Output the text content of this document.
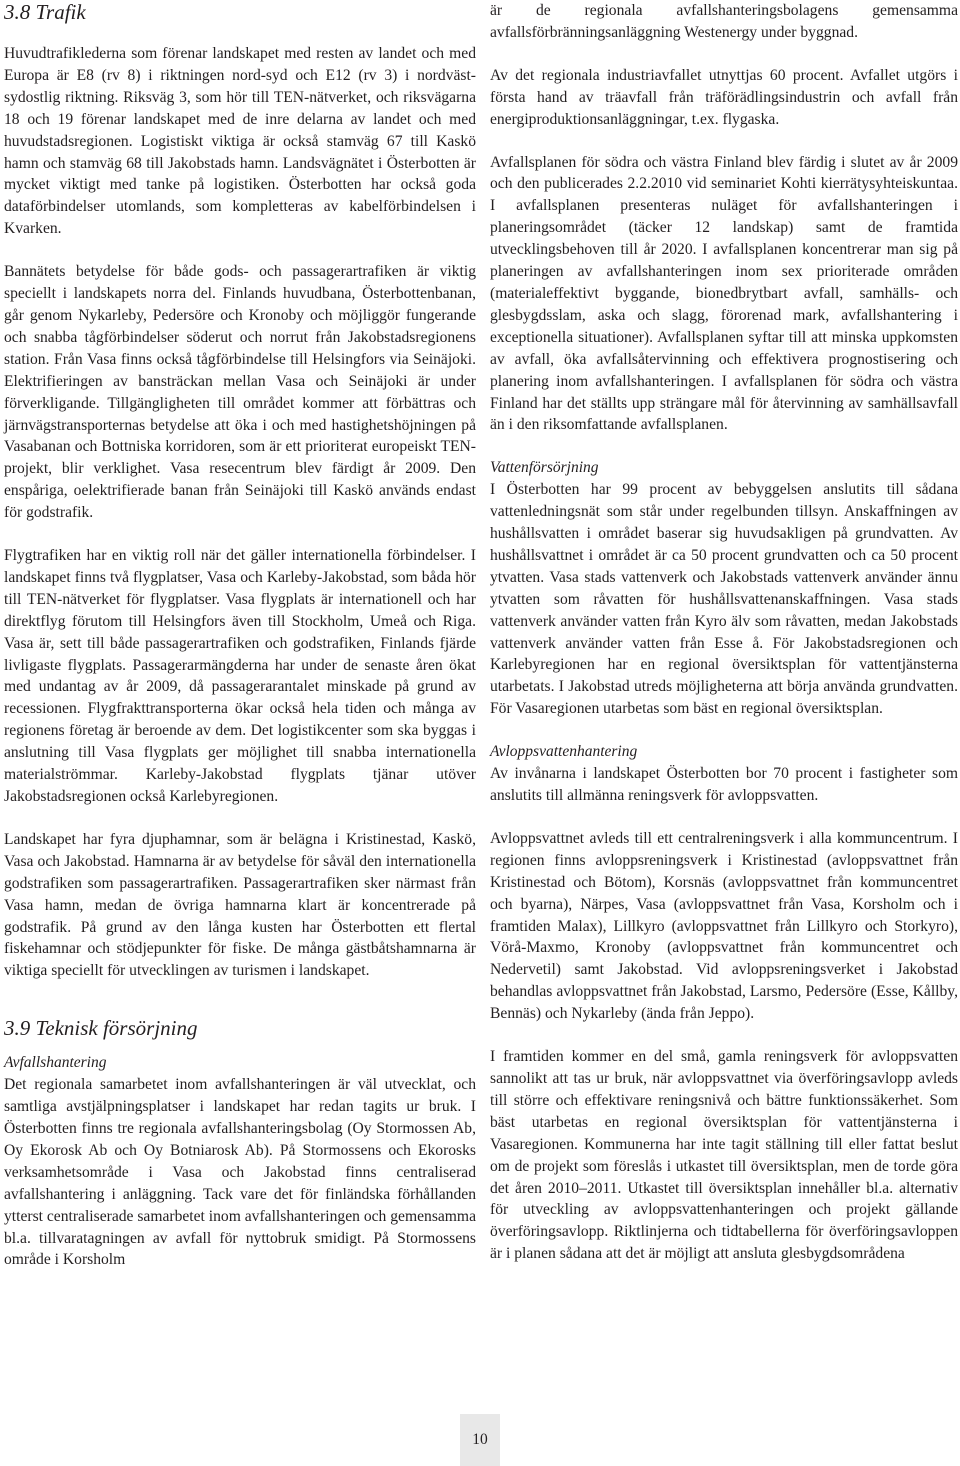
3.8 Trafik

Huvudtrafiklederna som förenar landskapet med resten av landet och med Europa är E8 (rv 8) i riktningen nord-syd och E12 (rv 3) i nordväst-sydostlig riktning. Riksväg 3, som hör till TEN-nätverket, och riksvägarna 18 och 19 förenar landskapet med de inre delarna av landet och med huvudstadsregionen. Logistiskt viktiga är också stamväg 67 till Kaskö hamn och stamväg 68 till Jakobstads hamn. Landsvägnätet i Österbotten är mycket viktigt med tanke på logistiken. Österbotten har också goda dataförbindelser utomlands, som kompletteras av kabelförbindelsen i Kvarken.

Bannätets betydelse för både gods- och passagerartrafiken är viktig speciellt i landskapets norra del. Finlands huvudbana, Österbottenbanan, går genom Nykarleby, Pedersöre och Kronoby och möjliggör fungerande och snabba tågförbindelser söderut och norrut från Jakobstadsregionens station. Från Vasa finns också tågförbindelse till Helsingfors via Seinäjoki. Elektrifieringen av bansträckan mellan Vasa och Seinäjoki är under förverkligande. Tillgängligheten till området kommer att förbättras och järnvägstransporternas betydelse att öka i och med hastighetshöjningen på Vasabanan och Bottniska korridoren, som är ett prioriterat europeiskt TEN-projekt, blir verklighet. Vasa resecentrum blev färdigt år 2009. Den enspåriga, oelektrifierade banan från Seinäjoki till Kaskö används endast för godstrafik.

Flygtrafiken har en viktig roll när det gäller internationella förbindelser. I landskapet finns två flygplatser, Vasa och Karleby-Jakobstad, som båda hör till TEN-nätverket för flygplatser. Vasa flygplats är internationell och har direktflyg förutom till Helsingfors även till Stockholm, Umeå och Riga. Vasa är, sett till både passagerartrafiken och godstrafiken, Finlands fjärde livligaste flygplats. Passagerarmängderna har under de senaste åren ökat med undantag av år 2009, då passagerarantalet minskade på grund av recessionen. Flygfrakttransporterna ökar också hela tiden och många av regionens företag är beroende av dem. Det logistikcenter som ska byggas i anslutning till Vasa flygplats ger möjlighet till snabba internationella materialströmmar. Karleby-Jakobstad flygplats tjänar utöver Jakobstadsregionen också Karlebyregionen.

Landskapet har fyra djuphamnar, som är belägna i Kristinestad, Kaskö, Vasa och Jakobstad. Hamnarna är av betydelse för såväl den internationella godstrafiken som passagerartrafiken. Passagerartrafiken sker närmast från Vasa hamn, medan de övriga hamnarna klart är koncentrerade på godstrafik. På grund av den långa kusten har Österbotten ett flertal fiskehamnar och stödjepunkter för fiske. De många gästbåtshamnarna är viktiga speciellt för utvecklingen av turismen i landskapet.

3.9 Teknisk försörjning
Avfallshantering

Det regionala samarbetet inom avfallshanteringen är väl utvecklat, och samtliga avstjälpningsplatser i landskapet har redan tagits ur bruk. I Österbotten finns tre regionala avfallshanteringsbolag (Oy Stormossen Ab, Oy Ekorosk Ab och Oy Botniarosk Ab). På Stormossens och Ekorosks verksamhetsområde i Vasa och Jakobstad finns centraliserad avfallshantering i anläggning. Tack vare det för finländska förhållanden ytterst centraliserade samarbetet inom avfallshanteringen och gemensamma bl.a. tillvaratagningen av avfall för nyttobruk smidigt. På Stormossens område i Korsholm

är de regionala avfallshanteringsbolagens gemensamma avfallsförbränningsanläggning Westenergy under byggnad.

Av det regionala industriavfallet utnyttjas 60 procent. Avfallet utgörs i första hand av träavfall från träförädlingsindustrin och avfall från energiproduktionsanläggningar, t.ex. flygaska.

Avfallsplanen för södra och västra Finland blev färdig i slutet av år 2009 och den publicerades 2.2.2010 vid seminariet Kohti kierrätysyhteiskuntaa. I avfallsplanen presenteras nuläget för avfallshanteringen i planeringsområdet (täcker 12 landskap) samt de framtida utvecklingsbehoven till år 2020. I avfallsplanen koncentrerar man sig på planeringen av avfallshanteringen inom sex prioriterade områden (materialeffektivt byggande, bionedbrytbart avfall, samhälls- och glesbygdsslam, aska och slagg, förorenad mark, avfallshantering i exceptionella situationer). Avfallsplanen syftar till att minska uppkomsten av avfall, öka avfallsåtervinning och effektivera prognostisering och planering inom avfallshanteringen. I avfallsplanen för södra och västra Finland har det ställts upp strängare mål för återvinning av samhällsavfall än i den riksomfattande avfallsplanen.

Vattenförsörjning

I Österbotten har 99 procent av bebyggelsen anslutits till sådana vattenledningsnät som står under regelbunden tillsyn. Anskaffningen av hushållsvatten i området baserar sig huvudsakligen på grundvatten. Av hushållsvattnet i området är ca 50 procent grundvatten och ca 50 procent ytvatten. Vasa stads vattenverk och Jakobstads vattenverk använder ännu ytvatten som råvatten för hushållsvattenanskaffningen. Vasa stads vattenverk använder vatten från Kyro älv som råvatten, medan Jakobstads vattenverk använder vatten från Esse å. För Jakobstadsregionen och Karlebyregionen har en regional översiktsplan för vattentjänsterna utarbetats. I Jakobstad utreds möjligheterna att börja använda grundvatten. För Vasaregionen utarbetas som bäst en regional översiktsplan.

Avloppsvattenhantering

Av invånarna i landskapet Österbotten bor 70 procent i fastigheter som anslutits till allmänna reningsverk för avloppsvatten.

Avloppsvattnet avleds till ett centralreningsverk i alla kommuncentrum. I regionen finns avloppsreningsverk i Kristinestad (avloppsvattnet från Kristinestad och Bötom), Korsnäs (avloppsvattnet från kommuncentret och byarna), Närpes, Vasa (avloppsvattnet från Vasa, Korsholm och i framtiden Malax), Lillkyro (avloppsvattnet från Lillkyro och Storkyro), Vörå-Maxmo, Kronoby (avloppsvattnet från kommuncentret och Nedervetil) samt Jakobstad. Vid avloppsreningsverket i Jakobstad behandlas avloppsvattnet från Jakobstad, Larsmo, Pedersöre (Esse, Kållby, Bennäs) och Nykarleby (ända från Jeppo).

I framtiden kommer en del små, gamla reningsverk för avloppsvatten sannolikt att tas ur bruk, när avloppsvattnet via överföringsavlopp avleds till större och effektivare reningsnivå och bättre funktionssäkerhet. Som bäst utarbetas en regional översiktsplan för vattentjänsterna i Vasaregionen. Kommunerna har inte tagit ställning till eller fattat beslut om de projekt som föreslås i utkastet till översiktsplan, men de torde göra det åren 2010–2011. Utkastet till översiktsplan innehåller bl.a. alternativ för utveckling av avloppsvattenhanteringen och projekt gällande överföringsavlopp. Riktlinjerna och tidtabellerna för överföringsavloppen är i planen sådana att det är möjligt att ansluta glesbygdsområdena

10
